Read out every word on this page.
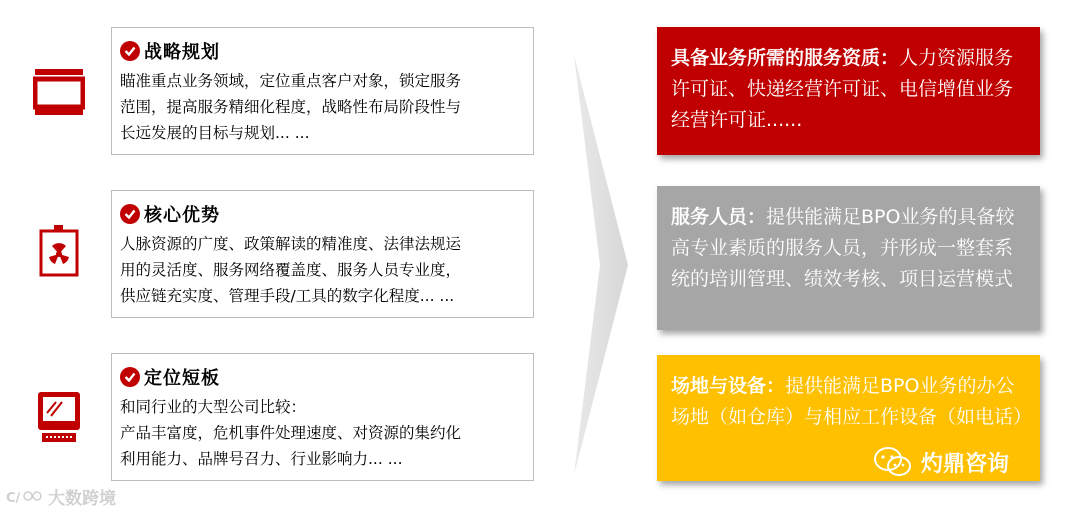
战略规划
瞄准重点业务领域，定位重点客户对象，锁定服务
范围，提高服务精细化程度，战略性布局阶段性与
长远发展的目标与规划... ...
核心优势
人脉资源的广度、政策解读的精准度、法律法规运
用的灵活度、服务网络覆盖度、服务人员专业度，
供应链充实度、管理手段/工具的数字化程度... ...
定位短板
和同行业的大型公司比较：
产品丰富度，危机事件处理速度、对资源的集约化
利用能力、品牌号召力、行业影响力... ...
具备业务所需的服务资质：人力资源服务许可证、快递经营许可证、电信增值业务经营许可证......
服务人员：提供能满足BPO业务的具备较高专业素质的服务人员，并形成一整套系统的培训管理、绩效考核、项目运营模式
场地与设备：提供能满足BPO业务的办公场地（如仓库）与相应工作设备（如电话）
C/ 大数跨境
灼鼎咨询
